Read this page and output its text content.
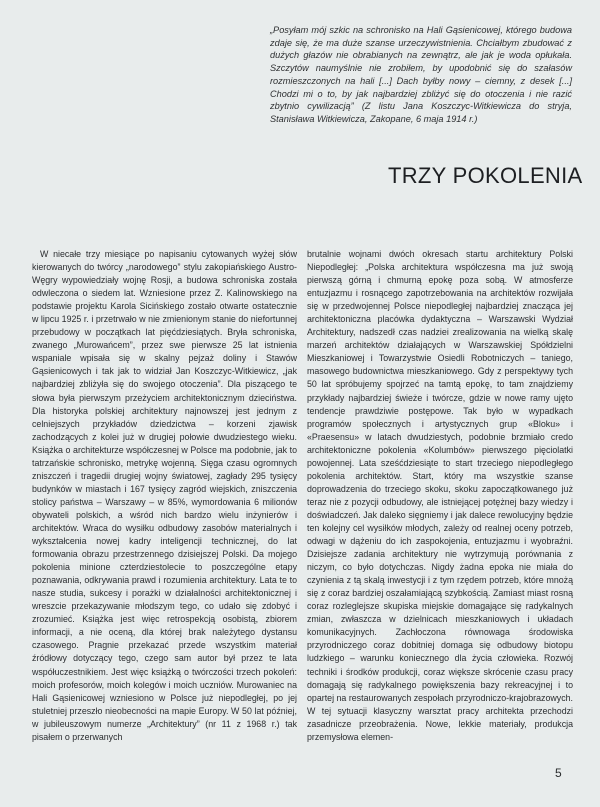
„Posyłam mój szkic na schronisko na Hali Gąsienicowej, którego budowa zdaje się, że ma duże szanse urzeczywistnienia. Chciałbym zbudować z dużych głazów nie obrabianych na zewnątrz, ale jak je woda opłukała. Szczytów naumyślnie nie zrobiłem, by upodobnić się do szałasów rozmieszczonych na hali [...] Dach byłby nowy – ciemny, z desek [...] Chodzi mi o to, by jak najbardziej zbliżyć się do otoczenia i nie razić zbytnio cywilizacją” (Z listu Jana Koszczyc-Witkiewicza do stryja, Stanisława Witkiewicza, Zakopane, 6 maja 1914 r.)
TRZY POKOLENIA

W niecałe trzy miesiące po napisaniu cytowanych wyżej słów kierowanych do twórcy „narodowego” stylu zakopiańskiego Austro-Węgry wypowiedziały wojnę Rosji, a budowa schroniska została odwleczona o siedem lat. Wzniesione przez Z. Kalinowskiego na podstawie projektu Karola Sicińskiego zostało otwarte ostatecznie w lipcu 1925 r. i przetrwało w nie zmienionym stanie do niefortunnej przebudowy w początkach lat pięćdziesiątych. Bryła schroniska, zwanego „Murowańcem”, przez swe pierwsze 25 lat istnienia wspaniale wpisała się w skalny pejzaż doliny i Stawów Gąsienicowych i tak jak to widział Jan Koszczyc-Witkiewicz, „jak najbardziej zbliżyła się do swojego otoczenia”. Dla piszącego te słowa była pierwszym przeżyciem architektonicznym dzieciństwa. Dla historyka polskiej architektury najnowszej jest jednym z celniejszych przykładów dziedzictwa – korzeni zjawisk zachodzących z kolei już w drugiej połowie dwudziestego wieku. Książka o architekturze współczesnej w Polsce ma podobnie, jak to tatrzańskie schronisko, metrykę wojenną. Sięga czasu ogromnych zniszczeń i tragedii drugiej wojny światowej, zagłady 295 tysięcy budynków w miastach i 167 tysięcy zagród wiejskich, zniszczenia stolicy państwa – Warszawy – w 85%, wymordowania 6 milionów obywateli polskich, a wśród nich bardzo wielu inżynierów i architektów. Wraca do wysiłku odbudowy zasobów materialnych i wykształcenia nowej kadry inteligencji technicznej, do lat formowania obrazu przestrzennego dzisiejszej Polski. Da mojego pokolenia minione czterdziestolecie to poszczególne etapy poznawania, odkrywania prawd i rozumienia architektury. Lata te to nasze studia, sukcesy i porażki w działalności architektonicznej i wreszcie przekazywanie młodszym tego, co udało się zdobyć i zrozumieć. Książka jest więc retrospekcją osobistą, zbiorem informacji, a nie oceną, dla której brak należytego dystansu czasowego. Pragnie przekazać przede wszystkim materiał źródłowy dotyczący tego, czego sam autor był przez te lata współuczestnikiem. Jest więc książką o twórczości trzech pokoleń: moich profesorów, moich kolegów i moich uczniów. Murowaniec na Hali Gąsienicowej wzniesiono w Polsce już niepodległej, po jej stuletniej przeszło nieobecności na mapie Europy. W 50 lat później, w jubileuszowym numerze „Architektury” (nr 11 z 1968 r.) tak pisałem o przerwanych

brutalnie wojnami dwóch okresach startu architektury Polski Niepodległej: „Polska architektura współczesna ma już swoją pierwszą górną i chmurną epokę poza sobą. W atmosferze entuzjazmu i rosnącego zapotrzebowania na architektów rozwijała się w przedwojennej Polsce niepodległej najbardziej znacząca jej architektoniczna placówka dydaktyczna – Warszawski Wydział Architektury, nadszedł czas nadziei zrealizowania na wielką skalę marzeń architektów działających w Warszawskiej Spółdzielni Mieszkaniowej i Towarzystwie Osiedli Robotniczych – taniego, masowego budownictwa mieszkaniowego. Gdy z perspektywy tych 50 lat spróbujemy spojrzeć na tamtą epokę, to tam znajdziemy przykłady najbardziej świeże i twórcze, gdzie w nowe ramy ujęto tendencje prawdziwie postępowe. Tak było w wypadkach programów społecznych i artystycznych grup «Bloku» i «Praesensu» w latach dwudziestych, podobnie brzmiało credo architektoniczne pokolenia «Kolumbów» pierwszego pięciolatki powojennej. Lata sześćdziesiąte to start trzeciego niepodległego pokolenia architektów. Start, który ma wszystkie szanse doprowadzenia do trzeciego skoku, skoku zapoczątkowanego już teraz nie z pozycji odbudowy, ale istniejącej potężnej bazy wiedzy i doświadczeń. Jak daleko sięgniemy i jak dalece rewolucyjny będzie ten kolejny cel wysiłków młodych, zależy od realnej oceny potrzeb, odwagi w dążeniu do ich zaspokojenia, entuzjazmu i wyobraźni. Dzisiejsze zadania architektury nie wytrzymują porównania z niczym, co było dotychczas. Nigdy żadna epoka nie miała do czynienia z tą skalą inwestycji i z tym rzędem potrzeb, które mnożą się z coraz bardziej oszałamiającą szybkością. Zamiast miast rosną coraz rozleglejsze skupiska miejskie domagające się radykalnych zmian, zwłaszcza w dzielnicach mieszkaniowych i układach komunikacyjnych. Zachłoczona równowaga środowiska przyrodniczego coraz dobitniej domaga się odbudowy biotopu ludzkiego – warunku koniecznego dla życia człowieka. Rozwój techniki i środków produkcji, coraz większe skrócenie czasu pracy domagają się radykalnego powiększenia bazy rekreacyjnej i to opartej na restaurowanych zespołach przyrodniczo-krajobrazowych. W tej sytuacji klasyczny warsztat pracy architekta przechodzi zasadnicze przeobrażenia. Nowe, lekkie materiały, produkcja przemysłowa elemen-

5
